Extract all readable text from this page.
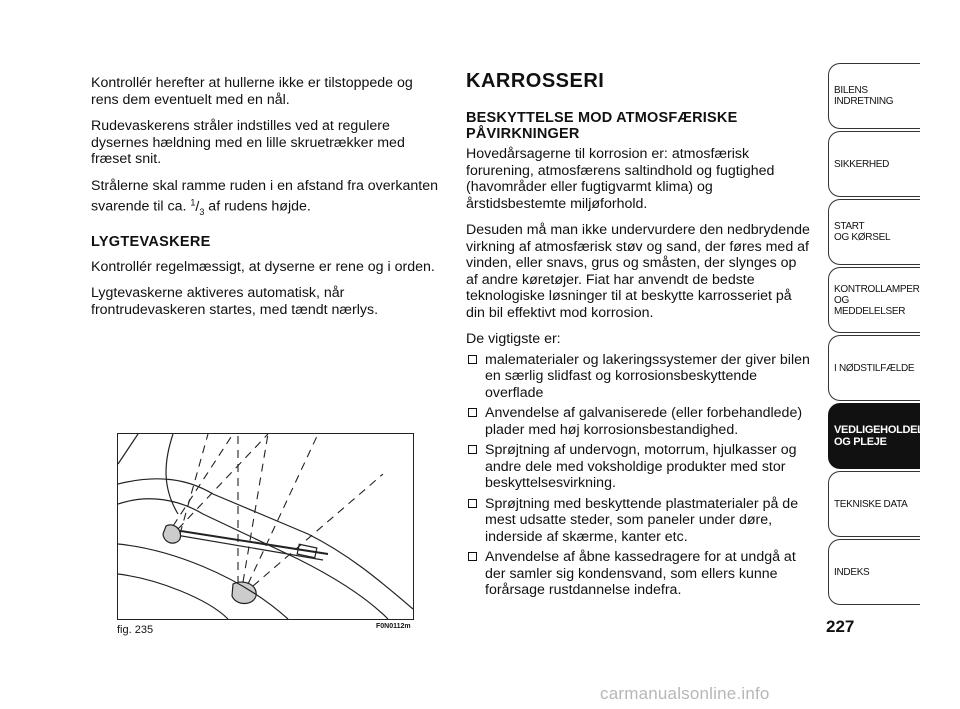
Kontrollér herefter at hullerne ikke er tilstoppede og rens dem eventuelt med en nål.

Rudevaskerens stråler indstilles ved at regulere dysernes hældning med en lille skruetrækker med fræset snit.

Strålerne skal ramme ruden i en afstand fra overkanten svarende til ca. $^1/_3$ af rudens højde.

LYGTEVASKERE

Kontrollér regelmæssigt, at dyserne er rene og i orden.

Lygtevaskerne aktiveres automatisk, når frontrudevaskeren startes, med tændt nærlys.

fig. 235	F0N0112m
KARROSSERI
BESKYTTELSE MOD ATMOSFÆRISKE PÅVIRKNINGER

Hovedårsagerne til korrosion er: atmosfærisk forurening, atmosfærens saltindhold og fugtighed (havområder eller fugtigvarmt klima) og årstidsbestemte miljøforhold.

Desuden må man ikke undervurdere den nedbrydende virkning af atmosfærisk støv og sand, der føres med af vinden, eller snavs, grus og småsten, der slynges op af andre køretøjer. Fiat har anvendt de bedste teknologiske løsninger til at beskytte karrosseriet på din bil effektivt mod korrosion.

De vigtigste er:

malematerialer og lakeringssystemer der giver bilen en særlig slidfast og korrosionsbeskyttende overflade
Anvendelse af galvaniserede (eller forbehandlede) plader med høj korrosionsbestandighed.
Sprøjtning af undervogn, motorrum, hjulkasser og andre dele med voksholdige produkter med stor beskyttelsesvirkning.
Sprøjtning med beskyttende plastmaterialer på de mest udsatte steder, som paneler under døre, inderside af skærme, kanter etc.
Anvendelse af åbne kassedragere for at undgå at der samler sig kondensvand, som ellers kunne forårsage rustdannelse indefra.
BILENS
INDRETNING
SIKKERHED
START
OG KØRSEL
KONTROLLAMPER
OG MEDDELELSER
I NØDSTILFÆLDE
VEDLIGEHOLDELSE
OG PLEJE
TEKNISKE DATA
INDEKS
227
carmanualsonline.info
